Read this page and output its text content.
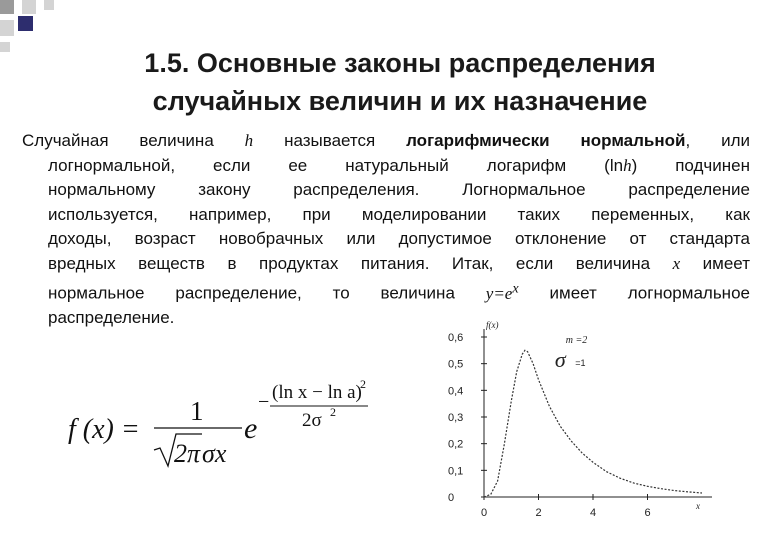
1.5. Основные законы распределения
случайных величин и их назначение
Случайная величина h называется логарифмически нормальной, или
логнормальной, если ее натуральный логарифм (lnh) подчинен
нормальному закону распределения. Логнормальное распределение
используется, например, при моделировании таких переменных, как
доходы, возраст новобрачных или допустимое отклонение от стандарта
вредных веществ в продуктах питания. Итак, если величина x имеет
нормальное распределение, то величина $y=e^x$ имеет логнормальное
распределение.
f (x) =
1
2π σx
e
− (ln x − ln a)
2
2σ 2
0
0,1
0,2
0,3
0,4
0,5
0,6
0	2	4	6
f(x)
x
m =2
σ =1
